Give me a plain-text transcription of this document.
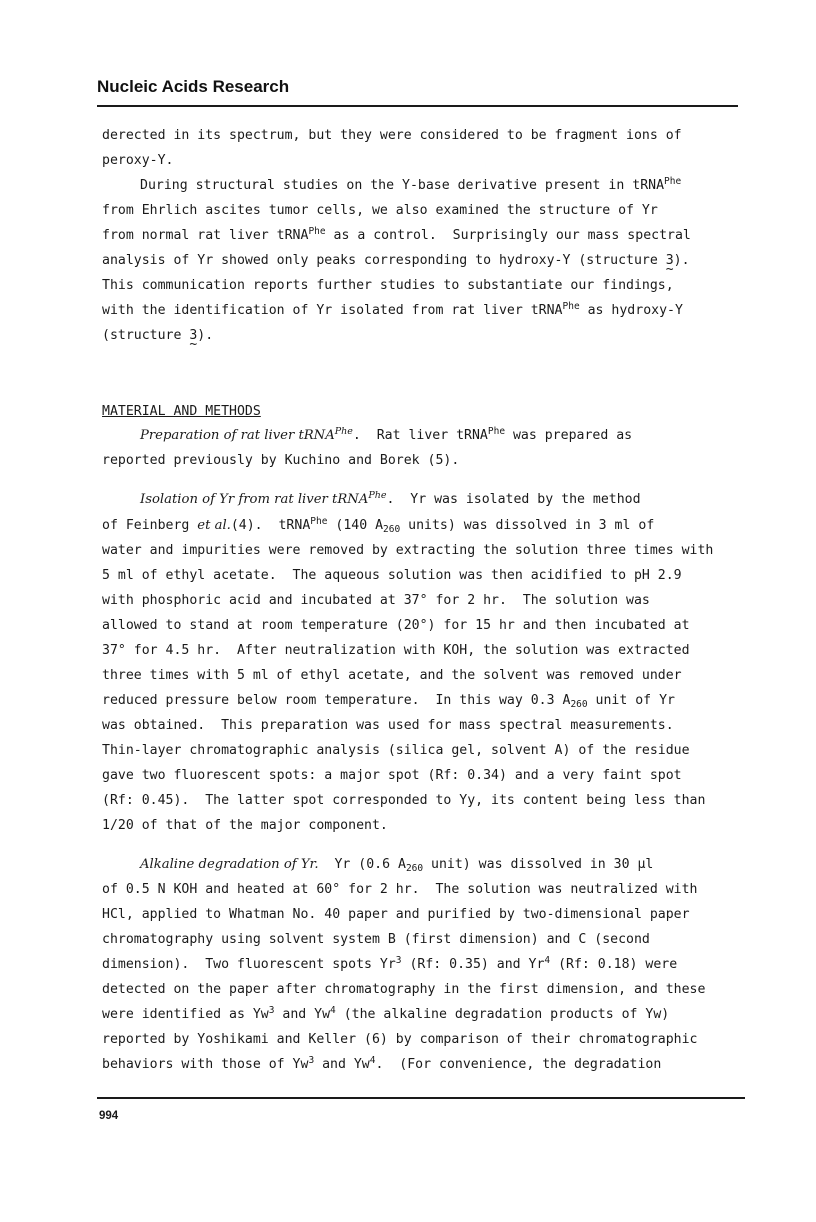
Nucleic Acids Research
derected in its spectrum, but they were considered to be fragment ions of
peroxy-Y.
During structural studies on the Y-base derivative present in tRNA$^{Phe}$
from Ehrlich ascites tumor cells, we also examined the structure of Yr
from normal rat liver tRNA$^{Phe}$ as a control.  Surprisingly our mass spectral
analysis of Yr showed only peaks corresponding to hydroxy-Y (structure 3 ~).
This communication reports further studies to substantiate our findings,
with the identification of Yr isolated from rat liver tRNA$^{Phe}$ as hydroxy-Y
(structure 3 ~).
MATERIAL AND METHODS
Preparation of rat liver tRNA$^{Phe}$.  Rat liver tRNA$^{Phe}$ was prepared as
reported previously by Kuchino and Borek (5).
Isolation of Yr from rat liver tRNA$^{Phe}$.  Yr was isolated by the method
of Feinberg et al.(4).  tRNA$^{Phe}$ (140 $A_{260}$ units) was dissolved in 3 ml of
water and impurities were removed by extracting the solution three times with
5 ml of ethyl acetate.  The aqueous solution was then acidified to pH 2.9
with phosphoric acid and incubated at 37° for 2 hr.  The solution was
allowed to stand at room temperature (20°) for 15 hr and then incubated at
37° for 4.5 hr.  After neutralization with KOH, the solution was extracted
three times with 5 ml of ethyl acetate, and the solvent was removed under
reduced pressure below room temperature.  In this way 0.3 $A_{260}$ unit of Yr
was obtained.  This preparation was used for mass spectral measurements.
Thin-layer chromatographic analysis (silica gel, solvent A) of the residue
gave two fluorescent spots: a major spot (Rf: 0.34) and a very faint spot
(Rf: 0.45).  The latter spot corresponded to Yy, its content being less than
1/20 of that of the major component.
Alkaline degradation of Yr.  Yr (0.6 $A_{260}$ unit) was dissolved in 30 µl
of 0.5 N KOH and heated at 60° for 2 hr.  The solution was neutralized with
HCl, applied to Whatman No. 40 paper and purified by two-dimensional paper
chromatography using solvent system B (first dimension) and C (second
dimension).  Two fluorescent spots Yr$^3$ (Rf: 0.35) and Yr$^4$ (Rf: 0.18) were
detected on the paper after chromatography in the first dimension, and these
were identified as Yw$^3$ and Yw$^4$ (the alkaline degradation products of Yw)
reported by Yoshikami and Keller (6) by comparison of their chromatographic
behaviors with those of Yw$^3$ and Yw$^4$.  (For convenience, the degradation
994
